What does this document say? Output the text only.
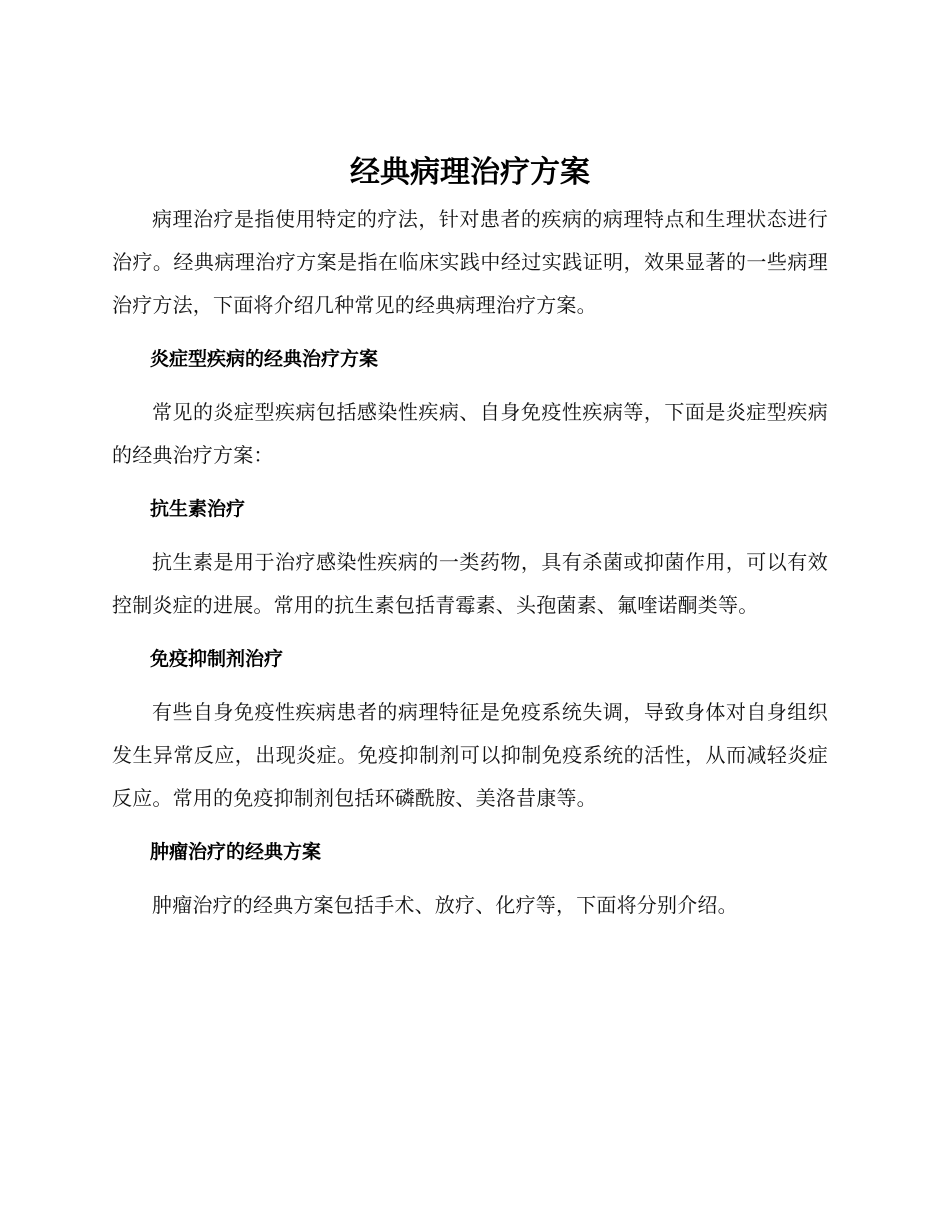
经典病理治疗方案

病理治疗是指使用特定的疗法，针对患者的疾病的病理特点和生理状态进行治疗。经典病理治疗方案是指在临床实践中经过实践证明，效果显著的一些病理治疗方法，下面将介绍几种常见的经典病理治疗方案。

炎症型疾病的经典治疗方案

常见的炎症型疾病包括感染性疾病、自身免疫性疾病等，下面是炎症型疾病的经典治疗方案：

抗生素治疗

抗生素是用于治疗感染性疾病的一类药物，具有杀菌或抑菌作用，可以有效控制炎症的进展。常用的抗生素包括青霉素、头孢菌素、氟喹诺酮类等。

免疫抑制剂治疗

有些自身免疫性疾病患者的病理特征是免疫系统失调，导致身体对自身组织发生异常反应，出现炎症。免疫抑制剂可以抑制免疫系统的活性，从而减轻炎症反应。常用的免疫抑制剂包括环磷酰胺、美洛昔康等。

肿瘤治疗的经典方案

肿瘤治疗的经典方案包括手术、放疗、化疗等，下面将分别介绍。
